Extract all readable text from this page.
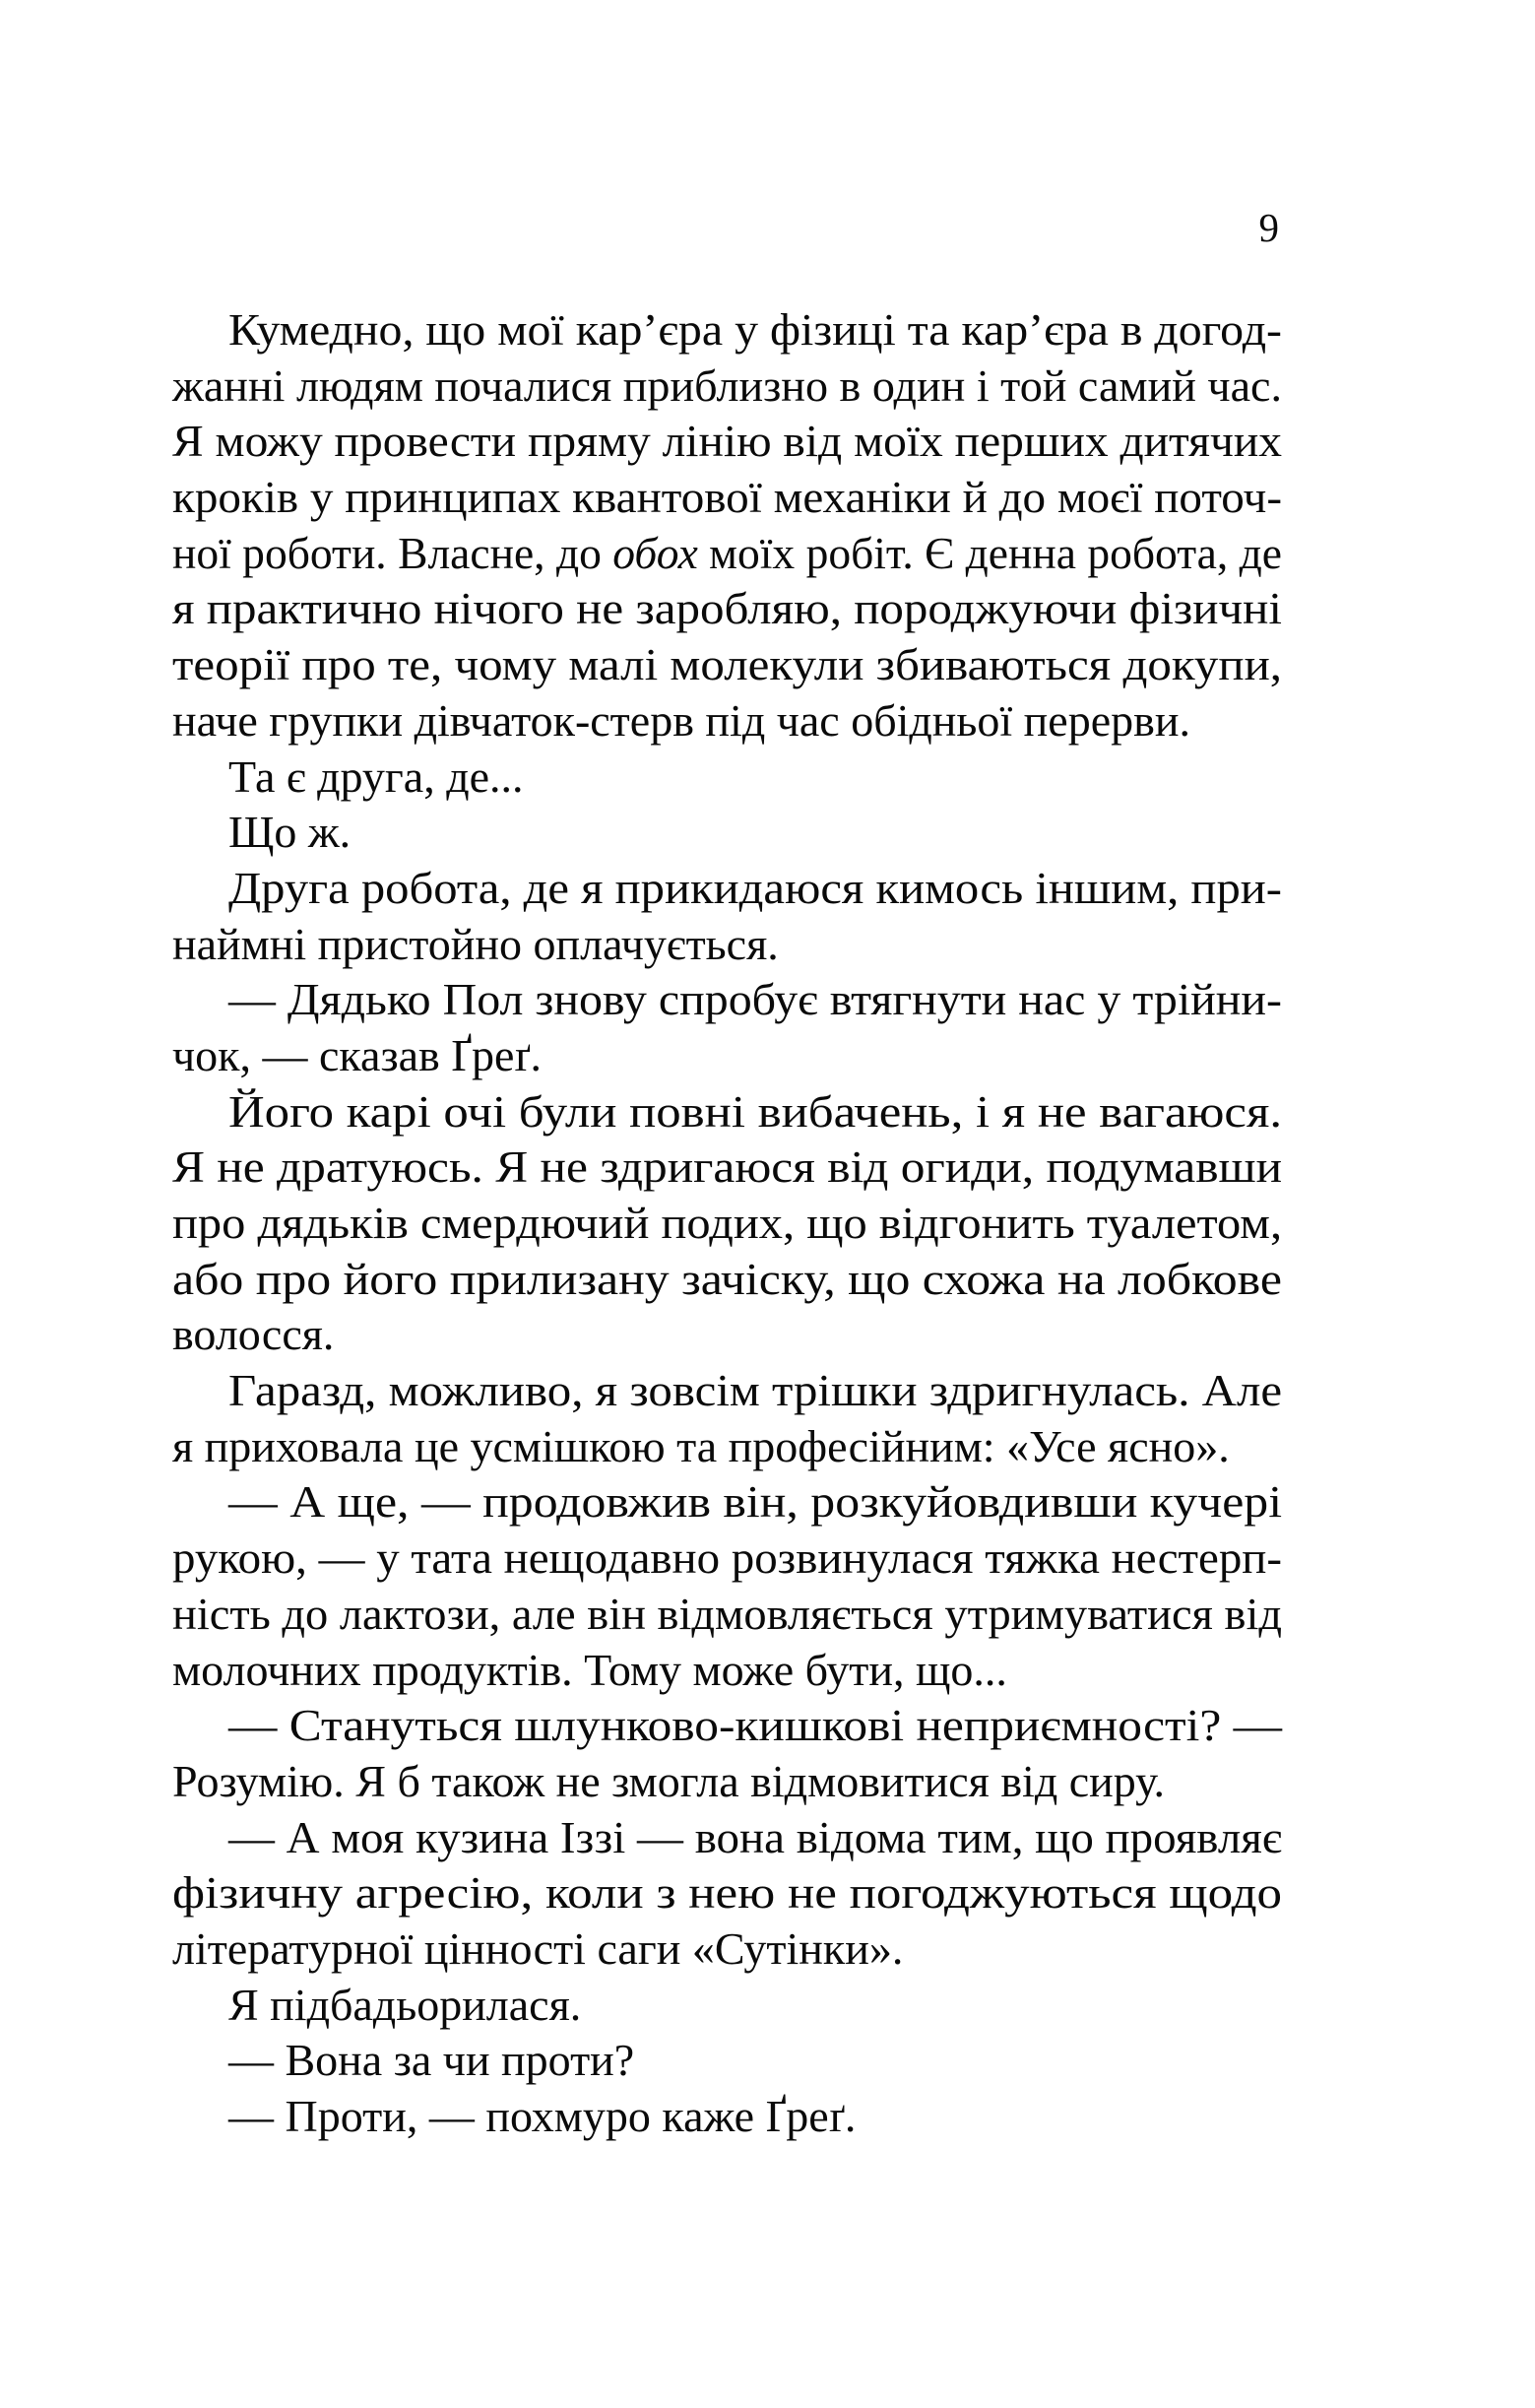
9
Кумедно, що мої кар’єра у фізиці та кар’єра в догод-
жанні людям почалися приблизно в один і той самий час.
Я можу провести пряму лінію від моїх перших дитячих
кроків у принципах квантової механіки й до моєї поточ-
ної роботи. Власне, до обох моїх робіт. Є денна робота, де
я практично нічого не заробляю, породжуючи фізичні
теорії про те, чому малі молекули збиваються докупи,
наче групки дівчаток-стерв під час обідньої перерви.
Та є друга, де...
Що ж.
Друга робота, де я прикидаюся кимось іншим, при-
наймні пристойно оплачується.
— Дядько Пол знову спробує втягнути нас у трійни-
чок, — сказав Ґреґ.
Його карі очі були повні вибачень, і я не вагаюся.
Я не дратуюсь. Я не здригаюся від огиди, подумавши
про дядьків смердючий подих, що відгонить туалетом,
або про його прилизану зачіску, що схожа на лобкове
волосся.
Гаразд, можливо, я зовсім трішки здригнулась. Але
я приховала це усмішкою та професійним: «Усе ясно».
— А ще, — продовжив він, розкуйовдивши кучері
рукою, — у тата нещодавно розвинулася тяжка нестерп-
ність до лактози, але він відмовляється утримуватися від
молочних продуктів. Тому може бути, що...
— Стануться шлунково-кишкові неприємності? —
Розумію. Я б також не змогла відмовитися від сиру.
— А моя кузина Іззі — вона відома тим, що проявляє
фізичну агресію, коли з нею не погоджуються щодо
літературної цінності саги «Сутінки».
Я підбадьорилася.
— Вона за чи проти?
— Проти, — похмуро каже Ґреґ.
